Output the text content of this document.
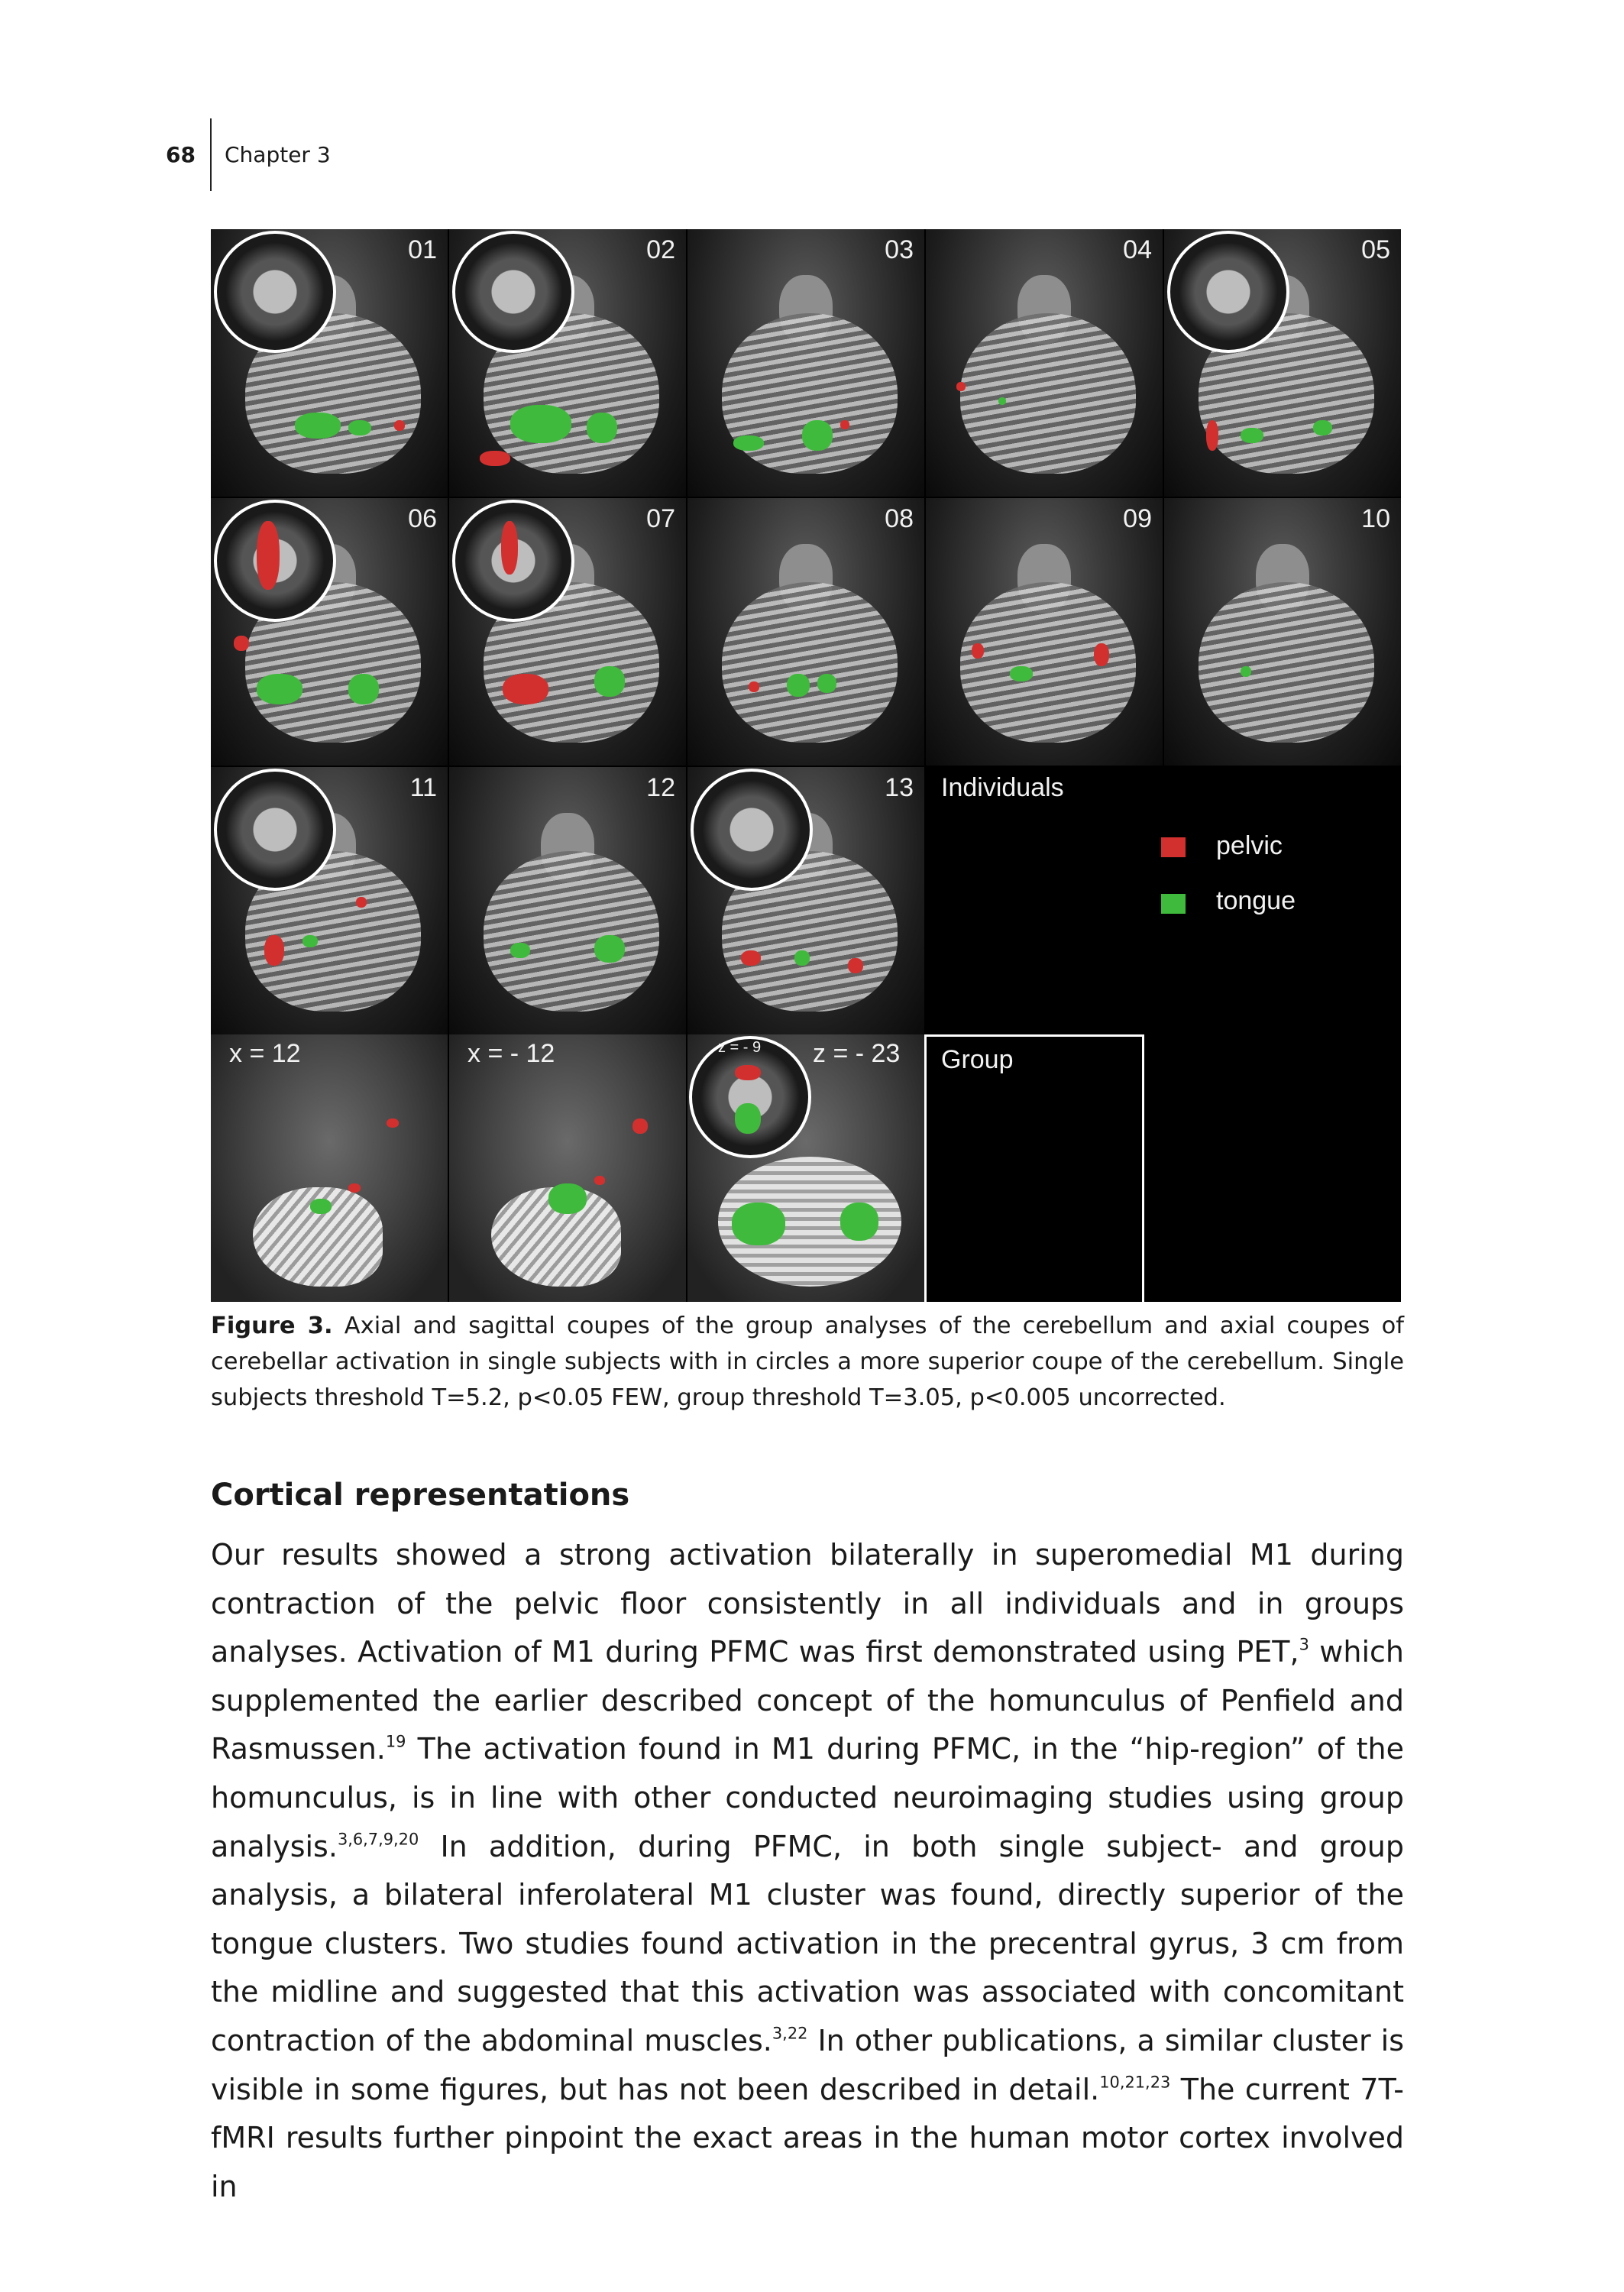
68 Chapter 3
01	02	03	04	05
06	07	08	09	10
11	12	13 Individuals
pelvic
tongue
x = 12	x = - 12	z = - 9 z = - 23 Group
Figure 3. Axial and sagittal coupes of the group analyses of the cerebellum and axial coupes of cerebellar activation in single subjects with in circles a more superior coupe of the cerebellum. Single subjects threshold T=5.2, p<0.05 FEW, group threshold T=3.05, p<0.005 uncorrected.
Cortical representations

Our results showed a strong activation bilaterally in superomedial M1 during contraction of the pelvic floor consistently in all individuals and in groups analyses. Activation of M1 during PFMC was first demonstrated using PET,$^3$ which supplemented the earlier described concept of the homunculus of Penfield and Rasmussen.$^{19}$ The activation found in M1 during PFMC, in the “hip-region” of the homunculus, is in line with other conducted neuroimaging studies using group analysis.$^{3,6,7,9,20}$ In addition, during PFMC, in both single subject- and group analysis, a bilateral inferolateral M1 cluster was found, directly superior of the tongue clusters. Two studies found activation in the precentral gyrus, 3 cm from the midline and suggested that this activation was associated with concomitant contraction of the abdominal muscles.$^{3,22}$ In other publications, a similar cluster is visible in some figures, but has not been described in detail.$^{10,21,23}$ The current 7T-fMRI results further pinpoint the exact areas in the human motor cortex involved in
